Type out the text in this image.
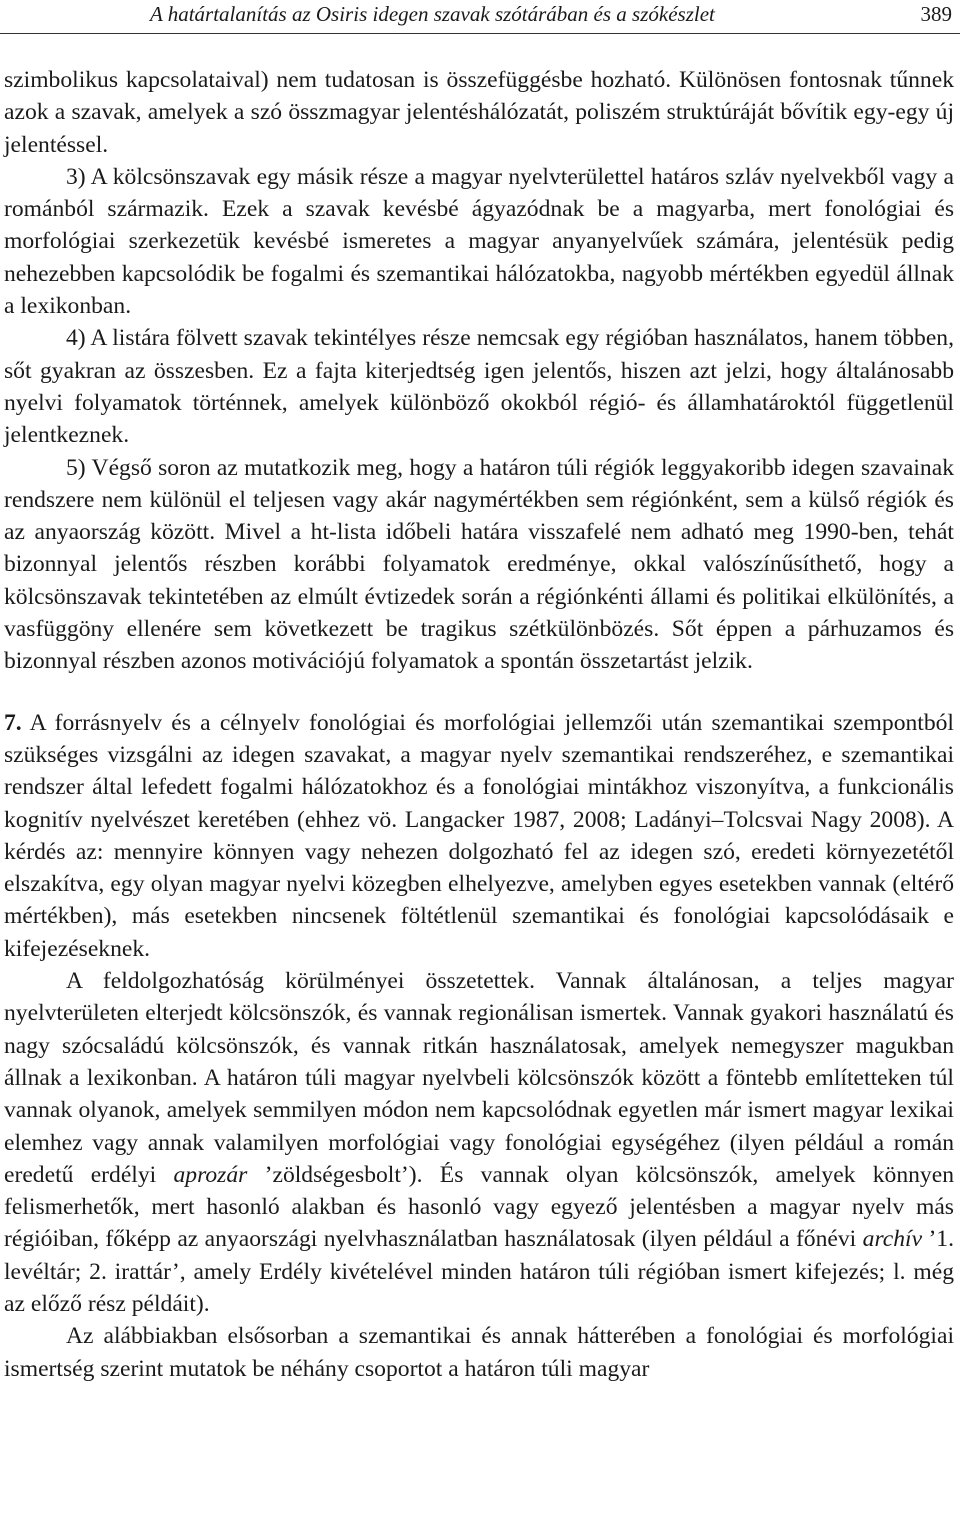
A határtalanítás az Osiris idegen szavak szótárában és a szókészlet	389

szimbolikus kapcsolataival) nem tudatosan is összefüggésbe hozható. Különösen fontosnak tűnnek azok a szavak, amelyek a szó összmagyar jelentéshálózatát, poliszém struktúráját bővítik egy-egy új jelentéssel.

3) A kölcsönszavak egy másik része a magyar nyelvterülettel határos szláv nyelvekből vagy a románból származik. Ezek a szavak kevésbé ágyazódnak be a magyarba, mert fonológiai és morfológiai szerkezetük kevésbé ismeretes a magyar anyanyelvűek számára, jelentésük pedig nehezebben kapcsolódik be fogalmi és szemantikai hálózatokba, nagyobb mértékben egyedül állnak a lexikonban.

4) A listára fölvett szavak tekintélyes része nemcsak egy régióban használatos, hanem többen, sőt gyakran az összesben. Ez a fajta kiterjedtség igen jelentős, hiszen azt jelzi, hogy általánosabb nyelvi folyamatok történnek, amelyek különböző okokból régió- és államhatároktól függetlenül jelentkeznek.

5) Végső soron az mutatkozik meg, hogy a határon túli régiók leggyakoribb idegen szavainak rendszere nem különül el teljesen vagy akár nagymértékben sem régiónként, sem a külső régiók és az anyaország között. Mivel a ht-lista időbeli határa visszafelé nem adható meg 1990-ben, tehát bizonnyal jelentős részben korábbi folyamatok eredménye, okkal valószínűsíthető, hogy a kölcsönszavak tekintetében az elmúlt évtizedek során a régiónkénti állami és politikai elkülönítés, a vasfüggöny ellenére sem következett be tragikus szétkülönbözés. Sőt éppen a párhuzamos és bizonnyal részben azonos motivációjú folyamatok a spontán összetartást jelzik.

7. A forrásnyelv és a célnyelv fonológiai és morfológiai jellemzői után szemantikai szempontból szükséges vizsgálni az idegen szavakat, a magyar nyelv szemantikai rendszeréhez, e szemantikai rendszer által lefedett fogalmi hálózatokhoz és a fonológiai mintákhoz viszonyítva, a funkcionális kognitív nyelvészet keretében (ehhez vö. Langacker 1987, 2008; Ladányi–Tolcsvai Nagy 2008). A kérdés az: mennyire könnyen vagy nehezen dolgozható fel az idegen szó, eredeti környezetétől elszakítva, egy olyan magyar nyelvi közegben elhelyezve, amelyben egyes esetekben vannak (eltérő mértékben), más esetekben nincsenek föltétlenül szemantikai és fonológiai kapcsolódásaik e kifejezéseknek.

A feldolgozhatóság körülményei összetettek. Vannak általánosan, a teljes magyar nyelvterületen elterjedt kölcsönszók, és vannak regionálisan ismertek. Vannak gyakori használatú és nagy szócsaládú kölcsönszók, és vannak ritkán használatosak, amelyek nemegyszer magukban állnak a lexikonban. A határon túli magyar nyelvbeli kölcsönszók között a föntebb említetteken túl vannak olyanok, amelyek semmilyen módon nem kapcsolódnak egyetlen már ismert magyar lexikai elemhez vagy annak valamilyen morfológiai vagy fonológiai egységéhez (ilyen például a román eredetű erdélyi aprozár ’zöldségesbolt’). És vannak olyan kölcsönszók, amelyek könnyen felismerhetők, mert hasonló alakban és hasonló vagy egyező jelentésben a magyar nyelv más régióiban, főképp az anyaországi nyelvhasználatban használatosak (ilyen például a főnévi archív ’1. levéltár; 2. irattár’, amely Erdély kivételével minden határon túli régióban ismert kifejezés; l. még az előző rész példáit).

Az alábbiakban elsősorban a szemantikai és annak hátterében a fonológiai és morfológiai ismertség szerint mutatok be néhány csoportot a határon túli magyar
